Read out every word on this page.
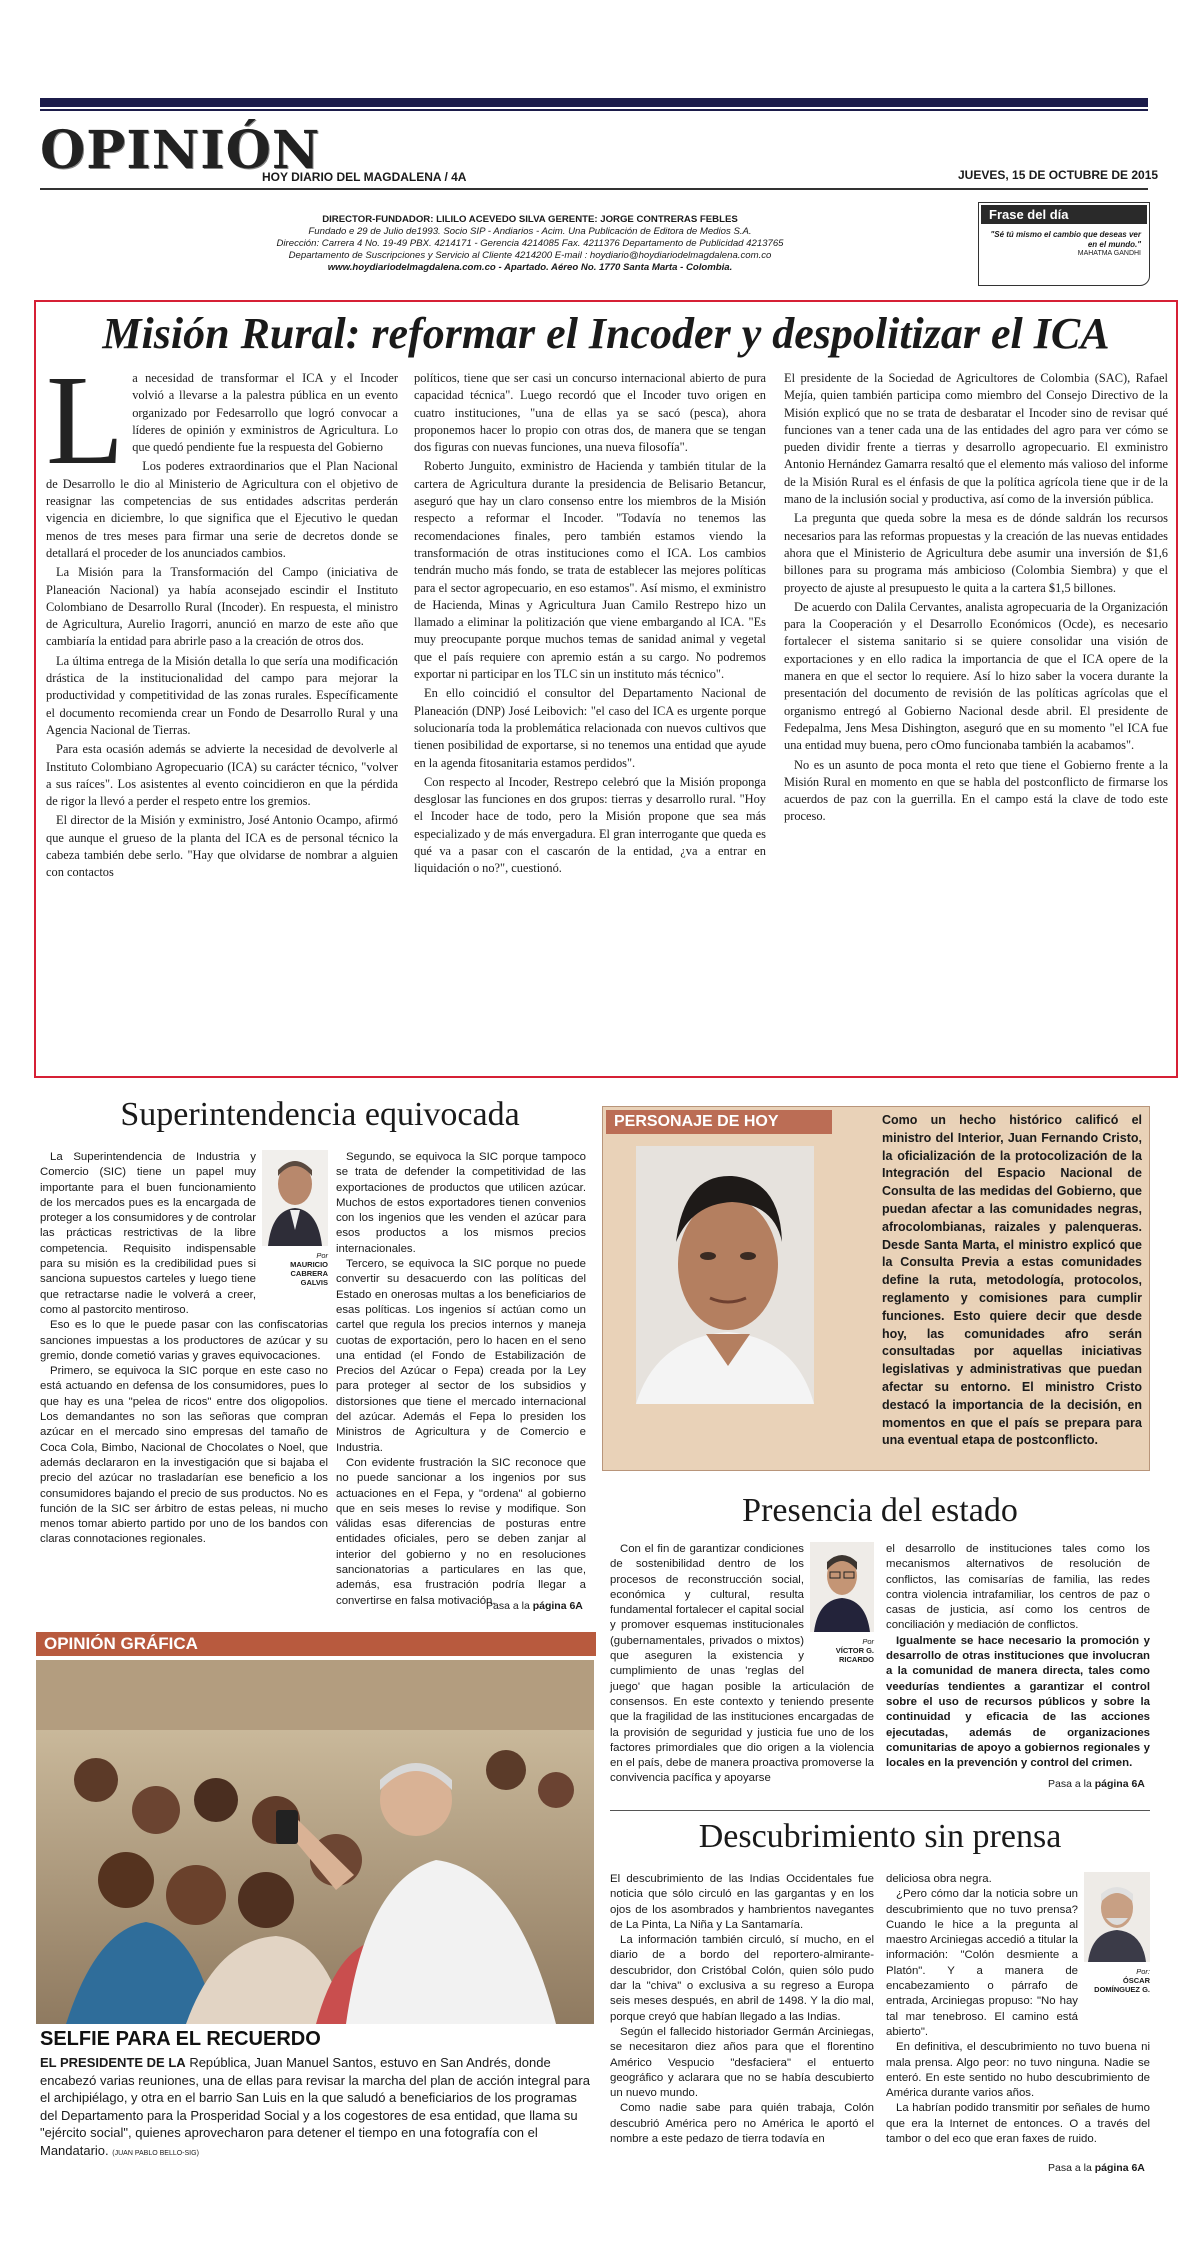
OPINIÓN
HOY DIARIO DEL MAGDALENA / 4A	JUEVES, 15 DE OCTUBRE DE 2015
DIRECTOR-FUNDADOR: LILILO ACEVEDO SILVA GERENTE: JORGE CONTRERAS FEBLES
Fundado e 29 de Julio de1993. Socio SIP - Andiarios - Acim. Una Publicación de Editora de Medios S.A.
Dirección: Carrera 4 No. 19-49 PBX. 4214171 - Gerencia 4214085 Fax. 4211376 Departamento de Publicidad 4213765
Departamento de Suscripciones y Servicio al Cliente 4214200 E-mail : hoydiario@hoydiariodelmagdalena.com.co
www.hoydiariodelmagdalena.com.co - Apartado. Aéreo No. 1770 Santa Marta - Colombia.
Frase del día
"Sé tú mismo el cambio que deseas ver en el mundo."
MAHATMA GANDHI
Misión Rural: reformar el Incoder y despolitizar el ICA
L a necesidad de transformar el ICA y el Incoder volvió a llevarse a la palestra pública en un evento organizado por Fedesarrollo que logró convocar a líderes de opinión y exministros de Agricultura. Lo que quedó pendiente fue la respuesta del Gobierno

Los poderes extraordinarios que el Plan Nacional de Desarrollo le dio al Ministerio de Agricultura con el objetivo de reasignar las competencias de sus entidades adscritas perderán vigencia en diciembre, lo que significa que el Ejecutivo le quedan menos de tres meses para firmar una serie de decretos donde se detallará el proceder de los anunciados cambios.

La Misión para la Transformación del Campo (iniciativa de Planeación Nacional) ya había aconsejado escindir el Instituto Colombiano de Desarrollo Rural (Incoder). En respuesta, el ministro de Agricultura, Aurelio Iragorri, anunció en marzo de este año que cambiaría la entidad para abrirle paso a la creación de otros dos.

La última entrega de la Misión detalla lo que sería una modificación drástica de la institucionalidad del campo para mejorar la productividad y competitividad de las zonas rurales. Específicamente el documento recomienda crear un Fondo de Desarrollo Rural y una Agencia Nacional de Tierras.

Para esta ocasión además se advierte la necesidad de devolverle al Instituto Colombiano Agropecuario (ICA) su carácter técnico, "volver a sus raíces". Los asistentes al evento coincidieron en que la pérdida de rigor la llevó a perder el respeto entre los gremios.

El director de la Misión y exministro, José Antonio Ocampo, afirmó que aunque el grueso de la planta del ICA es de personal técnico la cabeza también debe serlo. "Hay que olvidarse de nombrar a alguien con contactos

políticos, tiene que ser casi un concurso internacional abierto de pura capacidad técnica". Luego recordó que el Incoder tuvo origen en cuatro instituciones, "una de ellas ya se sacó (pesca), ahora proponemos hacer lo propio con otras dos, de manera que se tengan dos figuras con nuevas funciones, una nueva filosofía".

Roberto Junguito, exministro de Hacienda y también titular de la cartera de Agricultura durante la presidencia de Belisario Betancur, aseguró que hay un claro consenso entre los miembros de la Misión respecto a reformar el Incoder. "Todavía no tenemos las recomendaciones finales, pero también estamos viendo la transformación de otras instituciones como el ICA. Los cambios tendrán mucho más fondo, se trata de establecer las mejores políticas para el sector agropecuario, en eso estamos". Así mismo, el exministro de Hacienda, Minas y Agricultura Juan Camilo Restrepo hizo un llamado a eliminar la politización que viene embargando al ICA. "Es muy preocupante porque muchos temas de sanidad animal y vegetal que el país requiere con apremio están a su cargo. No podremos exportar ni participar en los TLC sin un instituto más técnico".

En ello coincidió el consultor del Departamento Nacional de Planeación (DNP) José Leibovich: "el caso del ICA es urgente porque solucionaría toda la problemática relacionada con nuevos cultivos que tienen posibilidad de exportarse, si no tenemos una entidad que ayude en la agenda fitosanitaria estamos perdidos".

Con respecto al Incoder, Restrepo celebró que la Misión proponga desglosar las funciones en dos grupos: tierras y desarrollo rural. "Hoy el Incoder hace de todo, pero la Misión propone que sea más especializado y de más envergadura. El gran interrogante que queda es qué va a pasar con el cascarón de la entidad, ¿va a entrar en liquidación o no?", cuestionó.

El presidente de la Sociedad de Agricultores de Colombia (SAC), Rafael Mejía, quien también participa como miembro del Consejo Directivo de la Misión explicó que no se trata de desbaratar el Incoder sino de revisar qué funciones van a tener cada una de las entidades del agro para ver cómo se pueden dividir frente a tierras y desarrollo agropecuario. El exministro Antonio Hernández Gamarra resaltó que el elemento más valioso del informe de la Misión Rural es el énfasis de que la política agrícola tiene que ir de la mano de la inclusión social y productiva, así como de la inversión pública.

La pregunta que queda sobre la mesa es de dónde saldrán los recursos necesarios para las reformas propuestas y la creación de las nuevas entidades ahora que el Ministerio de Agricultura debe asumir una inversión de $1,6 billones para su programa más ambicioso (Colombia Siembra) y que el proyecto de ajuste al presupuesto le quita a la cartera $1,5 billones.

De acuerdo con Dalila Cervantes, analista agropecuaria de la Organización para la Cooperación y el Desarrollo Económicos (Ocde), es necesario fortalecer el sistema sanitario si se quiere consolidar una visión de exportaciones y en ello radica la importancia de que el ICA opere de la manera en que el sector lo requiere. Así lo hizo saber la vocera durante la presentación del documento de revisión de las políticas agrícolas que el organismo entregó al Gobierno Nacional desde abril. El presidente de Fedepalma, Jens Mesa Dishington, aseguró que en su momento "el ICA fue una entidad muy buena, pero cOmo funcionaba también la acabamos".

No es un asunto de poca monta el reto que tiene el Gobierno frente a la Misión Rural en momento en que se habla del postconflicto de firmarse los acuerdos de paz con la guerrilla. En el campo está la clave de todo este proceso.

Superintendencia equivocada
Por
MAURICIO CABRERA GALVIS

La Superintendencia de Industria y Comercio (SIC) tiene un papel muy importante para el buen funcionamiento de los mercados pues es la encargada de proteger a los consumidores y de controlar las prácticas restrictivas de la libre competencia. Requisito indispensable para su misión es la credibilidad pues si sanciona supuestos carteles y luego tiene que retractarse nadie le volverá a creer, como al pastorcito mentiroso.

Eso es lo que le puede pasar con las confiscatorias sanciones impuestas a los productores de azúcar y su gremio, donde cometió varias y graves equivocaciones.

Primero, se equivoca la SIC porque en este caso no está actuando en defensa de los consumidores, pues lo que hay es una "pelea de ricos" entre dos oligopolios. Los demandantes no son las señoras que compran azúcar en el mercado sino empresas del tamaño de Coca Cola, Bimbo, Nacional de Chocolates o Noel, que además declararon en la investigación que si bajaba el precio del azúcar no trasladarían ese beneficio a los consumidores bajando el precio de sus productos. No es función de la SIC ser árbitro de estas peleas, ni mucho menos tomar abierto partido por uno de los bandos con claras connotaciones regionales.

Segundo, se equivoca la SIC porque tampoco se trata de defender la competitividad de las exportaciones de productos que utilicen azúcar. Muchos de estos exportadores tienen convenios con los ingenios que les venden el azúcar para esos productos a los mismos precios internacionales.

Tercero, se equivoca la SIC porque no puede convertir su desacuerdo con las políticas del Estado en onerosas multas a los beneficiarios de esas políticas. Los ingenios sí actúan como un cartel que regula los precios internos y maneja cuotas de exportación, pero lo hacen en el seno una entidad (el Fondo de Estabilización de Precios del Azúcar o Fepa) creada por la Ley para proteger al sector de los subsidios y distorsiones que tiene el mercado internacional del azúcar. Además el Fepa lo presiden los Ministros de Agricultura y de Comercio e Industria.

Con evidente frustración la SIC reconoce que no puede sancionar a los ingenios por sus actuaciones en el Fepa, y "ordena" al gobierno que en seis meses lo revise y modifique. Son válidas esas diferencias de posturas entre entidades oficiales, pero se deben zanjar al interior del gobierno y no en resoluciones sancionatorias a particulares en las que, además, esa frustración podría llegar a convertirse en falsa motivación.

Pasa a la página 6A
PERSONAJE DE HOY	Como un hecho histórico calificó el ministro del Interior, Juan Fernando Cristo, la oficialización de la protocolización de la Integración del Espacio Nacional de Consulta de las medidas del Gobierno, que puedan afectar a las comunidades negras, afrocolombianas, raizales y palenqueras. Desde Santa Marta, el ministro explicó que la Consulta Previa a estas comunidades define la ruta, metodología, protocolos, reglamento y comisiones para cumplir funciones. Esto quiere decir que desde hoy, las comunidades afro serán consultadas por aquellas iniciativas legislativas y administrativas que puedan afectar su entorno. El ministro Cristo destacó la importancia de la decisión, en momentos en que el país se prepara para una eventual etapa de postconflicto.

Presencia del estado
Por
VÍCTOR G. RICARDO

Con el fin de garantizar condiciones de sostenibilidad dentro de los procesos de reconstrucción social, económica y cultural, resulta fundamental fortalecer el capital social y promover esquemas institucionales (gubernamentales, privados o mixtos) que aseguren la existencia y cumplimiento de unas 'reglas del juego' que hagan posible la articulación de consensos. En este contexto y teniendo presente que la fragilidad de las instituciones encargadas de la provisión de seguridad y justicia fue uno de los factores primordiales que dio origen a la violencia en el país, debe de manera proactiva promoverse la convivencia pacífica y apoyarse

el desarrollo de instituciones tales como los mecanismos alternativos de resolución de conflictos, las comisarías de familia, las redes contra violencia intrafamiliar, los centros de paz o casas de justicia, así como los centros de conciliación y mediación de conflictos.

Igualmente se hace necesario la promoción y desarrollo de otras instituciones que involucran a la comunidad de manera directa, tales como veedurías tendientes a garantizar el control sobre el uso de recursos públicos y sobre la continuidad y eficacia de las acciones ejecutadas, además de organizaciones comunitarias de apoyo a gobiernos regionales y locales en la prevención y control del crimen.

Pasa a la página 6A
OPINIÓN GRÁFICA
SELFIE PARA EL RECUERDO
EL PRESIDENTE DE LA República, Juan Manuel Santos, estuvo en San Andrés, donde encabezó varias reuniones, una de ellas para revisar la marcha del plan de acción integral para el archipiélago, y otra en el barrio San Luis en la que saludó a beneficiarios de los programas del Departamento para la Prosperidad Social y a los cogestores de esa entidad, que llama su "ejército social", quienes aprovecharon para detener el tiempo en una fotografía con el Mandatario. (JUAN PABLO BELLO-SIG)
Descubrimiento sin prensa

El descubrimiento de las Indias Occidentales fue noticia que sólo circuló en las gargantas y en los ojos de los asombrados y hambrientos navegantes de La Pinta, La Niña y La Santamaría.

La información también circuló, sí mucho, en el diario de a bordo del reportero-almirante-descubridor, don Cristóbal Colón, quien sólo pudo dar la "chiva" o exclusiva a su regreso a Europa seis meses después, en abril de 1498. Y la dio mal, porque creyó que habían llegado a las Indias.

Según el fallecido historiador Germán Arciniegas, se necesitaron diez años para que el florentino Américo Vespucio "desfaciera" el entuerto geográfico y aclarara que no se había descubierto un nuevo mundo.

Como nadie sabe para quién trabaja, Colón descubrió América pero no América le aportó el nombre a este pedazo de tierra todavía en

Por:
ÓSCAR DOMÍNGUEZ G.

deliciosa obra negra.

¿Pero cómo dar la noticia sobre un descubrimiento que no tuvo prensa? Cuando le hice a la pregunta al maestro Arciniegas accedió a titular la información: "Colón desmiente a Platón". Y a manera de encabezamiento o párrafo de entrada, Arciniegas propuso: "No hay tal mar tenebroso. El camino está abierto".

En definitiva, el descubrimiento no tuvo buena ni mala prensa. Algo peor: no tuvo ninguna. Nadie se enteró. En este sentido no hubo descubrimiento de América durante varios años.

La habrían podido transmitir por señales de humo que era la Internet de entonces. O a través del tambor o del eco que eran faxes de ruido.

Pasa a la página 6A
